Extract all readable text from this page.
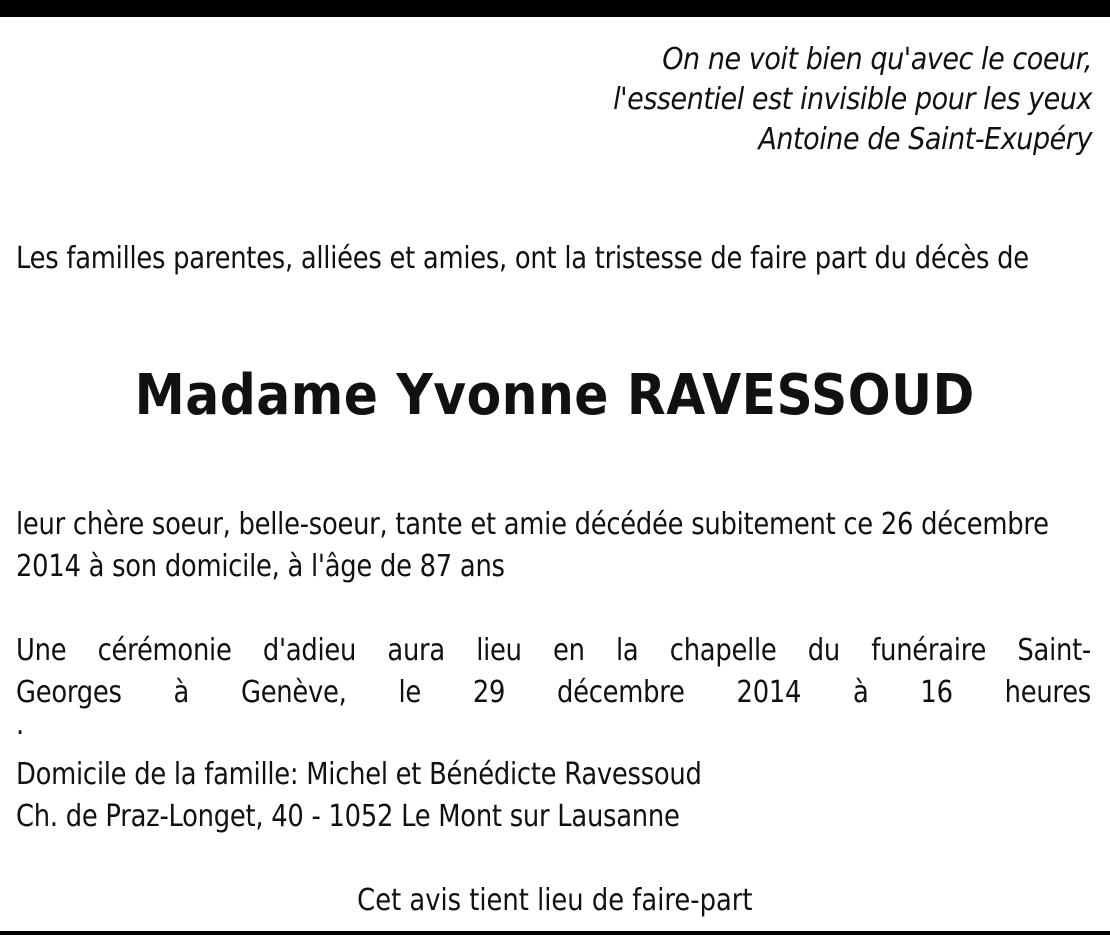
On ne voit bien qu'avec le coeur,
l'essentiel est invisible pour les yeux
Antoine de Saint-Exupéry
Les familles parentes, alliées et amies, ont la tristesse de faire part du décès de
Madame Yvonne RAVESSOUD
leur chère soeur, belle-soeur, tante et amie décédée subitement ce 26 décembre 2014 à son domicile, à l'âge de 87 ans
Une cérémonie d'adieu aura lieu en la chapelle du funéraire Saint-
Georges à Genève, le 29 décembre 2014 à 16 heures
.
Domicile de la famille: Michel et Bénédicte Ravessoud
Ch. de Praz-Longet, 40 - 1052 Le Mont sur Lausanne
Cet avis tient lieu de faire-part
